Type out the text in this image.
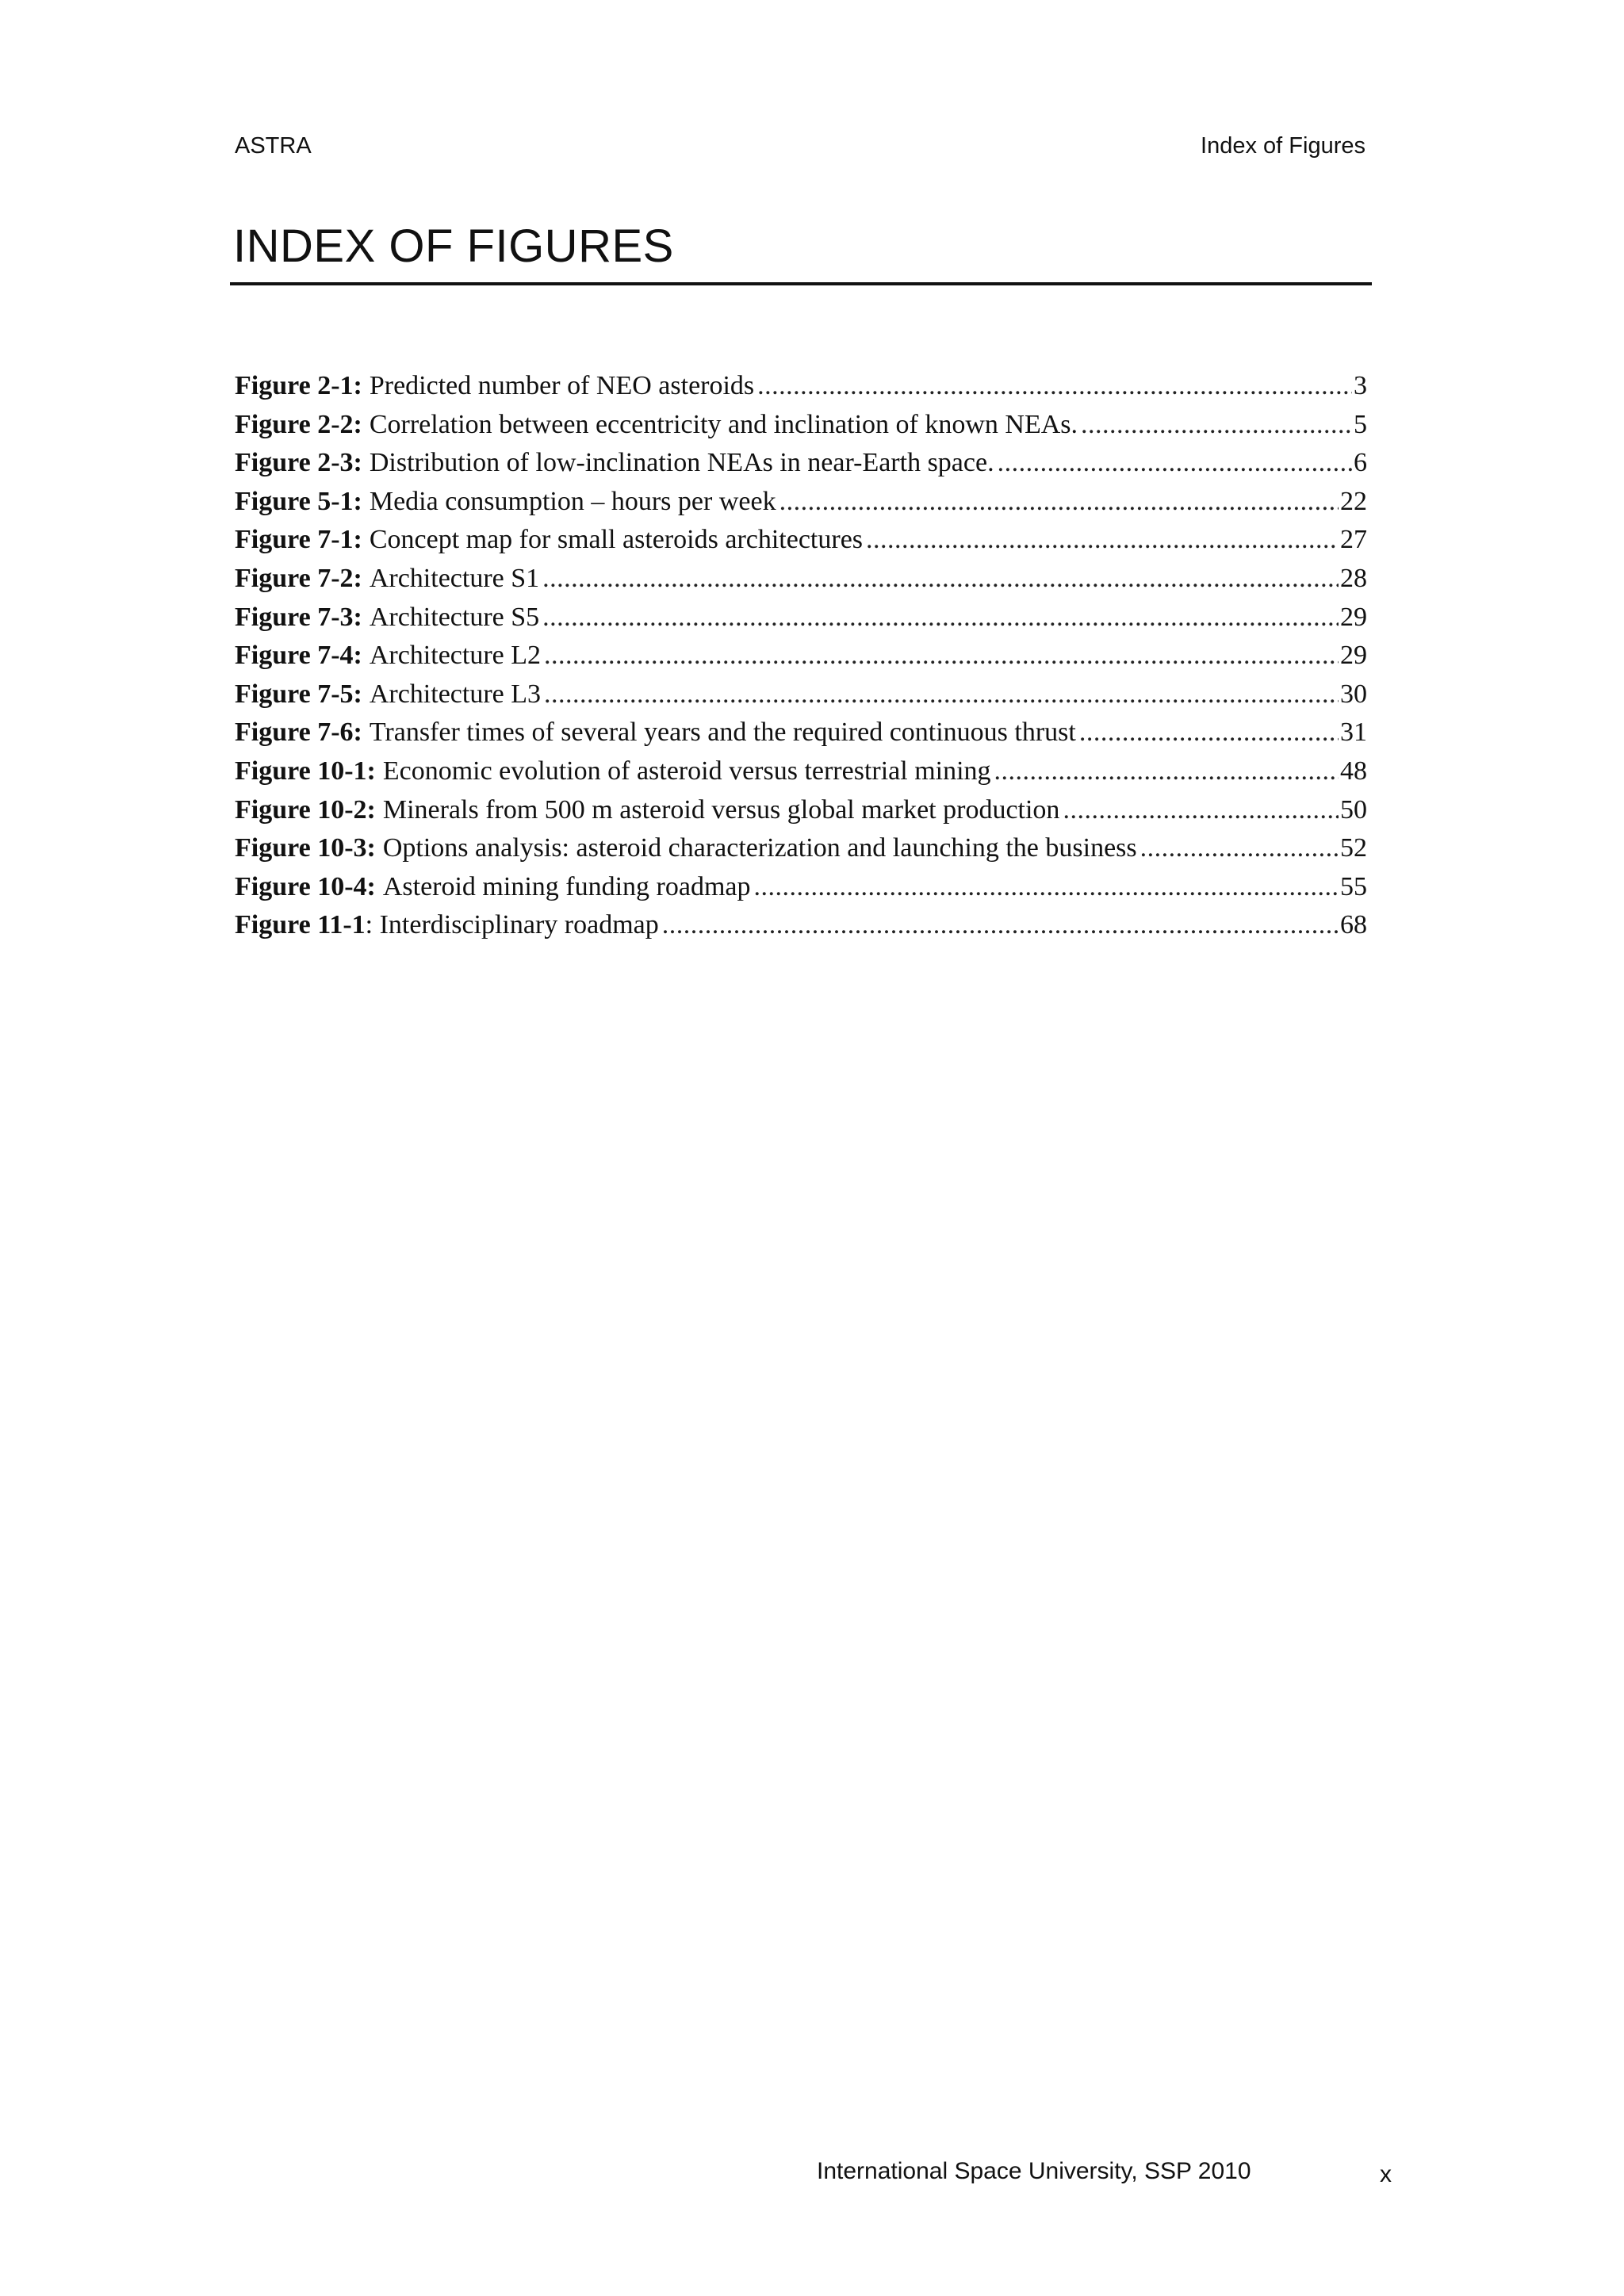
ASTRA	Index of Figures
INDEX OF FIGURES
Figure 2-1: Predicted number of NEO asteroids .....	3
Figure 2-2: Correlation between eccentricity and inclination of known NEAs. .....	5
Figure 2-3: Distribution of low-inclination NEAs in near-Earth space. .....	6
Figure 5-1: Media consumption – hours per week .....	22
Figure 7-1: Concept map for small asteroids architectures .....	27
Figure 7-2: Architecture S1 .....	28
Figure 7-3: Architecture S5 .....	29
Figure 7-4: Architecture L2 .....	29
Figure 7-5: Architecture L3 .....	30
Figure 7-6: Transfer times of several years and the required continuous thrust .....	31
Figure 10-1: Economic evolution of asteroid versus terrestrial mining .....	48
Figure 10-2: Minerals from 500 m asteroid versus global market production .....	50
Figure 10-3: Options analysis: asteroid characterization and launching the business .....	52
Figure 10-4: Asteroid mining funding roadmap .....	55
Figure 11-1 : Interdisciplinary roadmap .....	68
International Space University, SSP 2010	x
